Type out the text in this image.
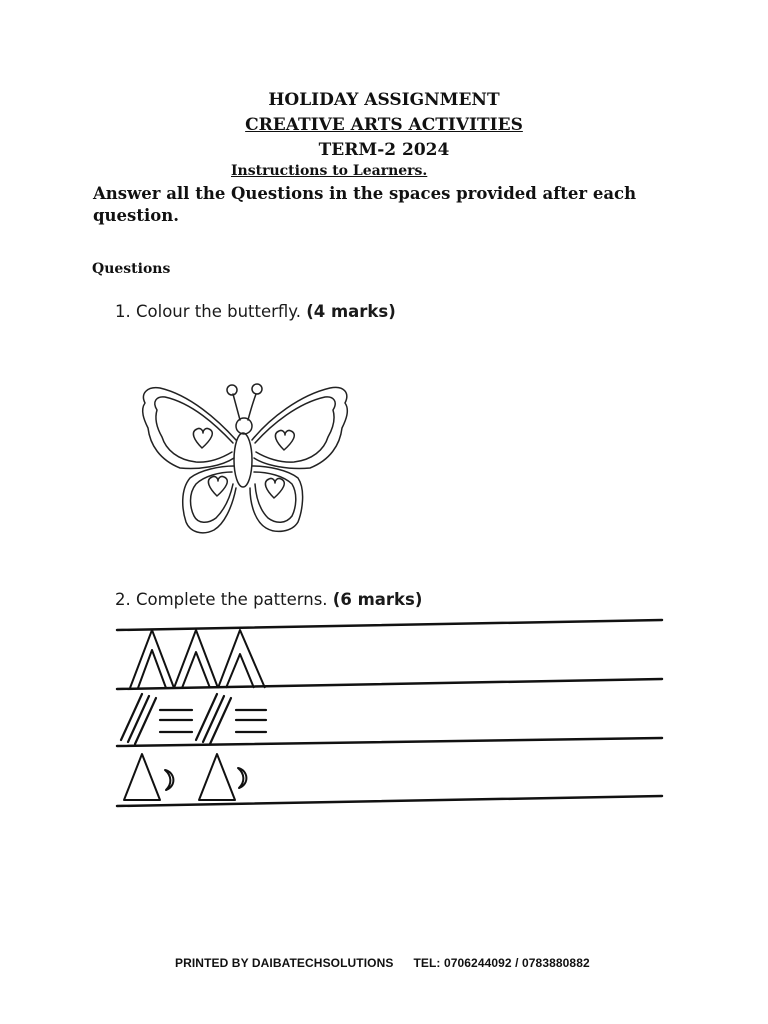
HOLIDAY ASSIGNMENT
CREATIVE ARTS ACTIVITIES
TERM-2 2024
Instructions to Learners.
Answer all the Questions in the spaces provided after each question.
Questions
1. Colour the butterfly. (4 marks)
2. Complete the patterns. (6 marks)
PRINTED BY DAIBATECHSOLUTIONS TEL: 0706244092 / 0783880882
